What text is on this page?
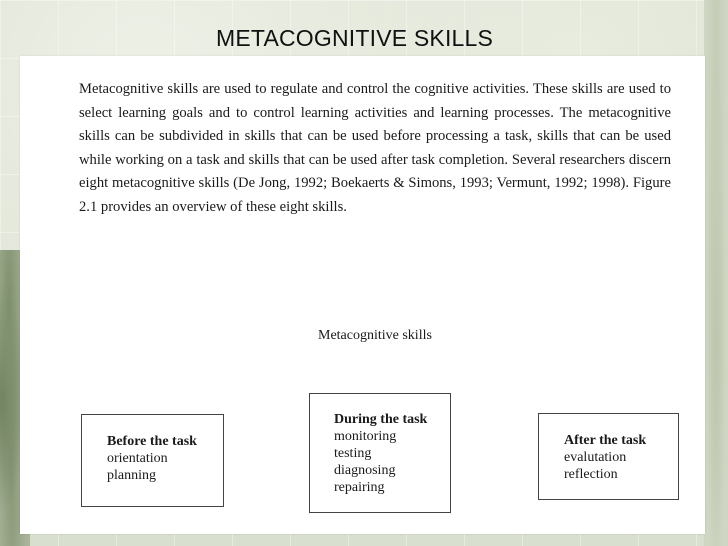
METACOGNITIVE SKILLS

Metacognitive skills are used to regulate and control the cognitive activities. These skills are used to select learning goals and to control learning activities and learning processes. The metacognitive skills can be subdivided in skills that can be used before processing a task, skills that can be used while working on a task and skills that can be used after task completion. Several researchers discern eight metacognitive skills (De Jong, 1992; Boekaerts & Simons, 1993; Vermunt, 1992; 1998). Figure 2.1 provides an overview of these eight skills.

Metacognitive skills
Before the task
orientation
planning
During the task
monitoring
testing
diagnosing
repairing
After the task
evalutation
reflection
